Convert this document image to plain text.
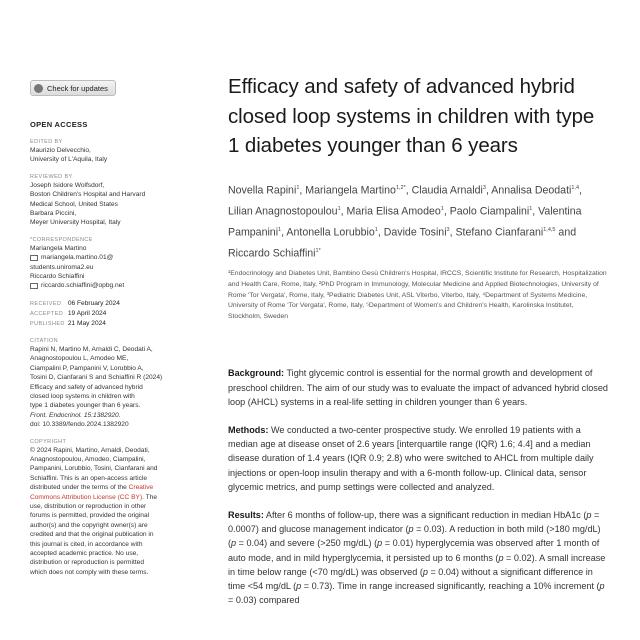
Check for updates
OPEN ACCESS
EDITED BY
Maurizio Delvecchio,
University of L'Aquila, Italy
REVIEWED BY
Joseph Isidore Wolfsdorf,
Boston Children's Hospital and Harvard
Medical School, United States
Barbara Piccini,
Meyer University Hospital, Italy
*CORRESPONDENCE
Mariangela Martino
mariangela.martino.01@
students.uniroma2.eu
Riccardo Schiaffini
riccardo.schiaffini@opbg.net
RECEIVED 06 February 2024
ACCEPTED 19 April 2024
PUBLISHED 21 May 2024
CITATION
Rapini N, Martino M, Arnaldi C, Deodati A,
Anagnostopoulou L, Amodeo ME,
Ciampalini P, Pampanini V, Lorubbio A,
Tosini D, Cianfarani S and Schiaffini R (2024)
Efficacy and safety of advanced hybrid
closed loop systems in children with
type 1 diabetes younger than 6 years.
Front. Endocrinol. 15:1382920.
doi: 10.3389/fendo.2024.1382920
COPYRIGHT
© 2024 Rapini, Martino, Arnaldi, Deodati,
Anagnostopoulou, Amodeo, Ciampalini,
Pampanini, Lorubbio, Tosini, Cianfarani and
Schiaffini. This is an open-access article
distributed under the terms of the Creative
Commons Attribution License (CC BY). The
use, distribution or reproduction in other
forums is permitted, provided the original
author(s) and the copyright owner(s) are
credited and that the original publication in
this journal is cited, in accordance with
accepted academic practice. No use,
distribution or reproduction is permitted
which does not comply with these terms.
Efficacy and safety of advanced hybrid closed loop systems in children with type 1 diabetes younger than 6 years
Novella Rapini$^1$, Mariangela Martino$^{1,2*}$, Claudia Arnaldi$^3$, Annalisa Deodati$^{1,4}$, Lilian Anagnostopoulou$^1$, Maria Elisa Amodeo$^1$, Paolo Ciampalini$^1$, Valentina Pampanini$^1$, Antonella Lorubbio$^1$, Davide Tosini$^3$, Stefano Cianfarani$^{1,4,5}$ and Riccardo Schiaffini$^{1*}$
¹Endocrinology and Diabetes Unit, Bambino Gesù Children's Hospital, IRCCS, Scientific Institute for Research, Hospitalization and Health Care, Rome, Italy, ²PhD Program in Immunology, Molecular Medicine and Applied Biotechnologies, University of Rome 'Tor Vergata', Rome, Italy, ³Pediatric Diabetes Unit, ASL Viterbo, Viterbo, Italy, ⁴Department of Systems Medicine, University of Rome 'Tor Vergata', Rome, Italy, ⁵Department of Women's and Children's Health, Karolinska Institutet, Stockholm, Sweden

Background: Tight glycemic control is essential for the normal growth and development of preschool children. The aim of our study was to evaluate the impact of advanced hybrid closed loop (AHCL) systems in a real-life setting in children younger than 6 years.

Methods: We conducted a two-center prospective study. We enrolled 19 patients with a median age at disease onset of 2.6 years [interquartile range (IQR) 1.6; 4.4] and a median disease duration of 1.4 years (IQR 0.9; 2.8) who were switched to AHCL from multiple daily injections or open-loop insulin therapy and with a 6-month follow-up. Clinical data, sensor glycemic metrics, and pump settings were collected and analyzed.

Results: After 6 months of follow-up, there was a significant reduction in median HbA1c (p = 0.0007) and glucose management indicator (p = 0.03). A reduction in both mild (>180 mg/dL) (p = 0.04) and severe (>250 mg/dL) (p = 0.01) hyperglycemia was observed after 1 month of auto mode, and in mild hyperglycemia, it persisted up to 6 months (p = 0.02). A small increase in time below range (<70 mg/dL) was observed (p = 0.04) without a significant difference in time <54 mg/dL (p = 0.73). Time in range increased significantly, reaching a 10% increment (p = 0.03) compared
